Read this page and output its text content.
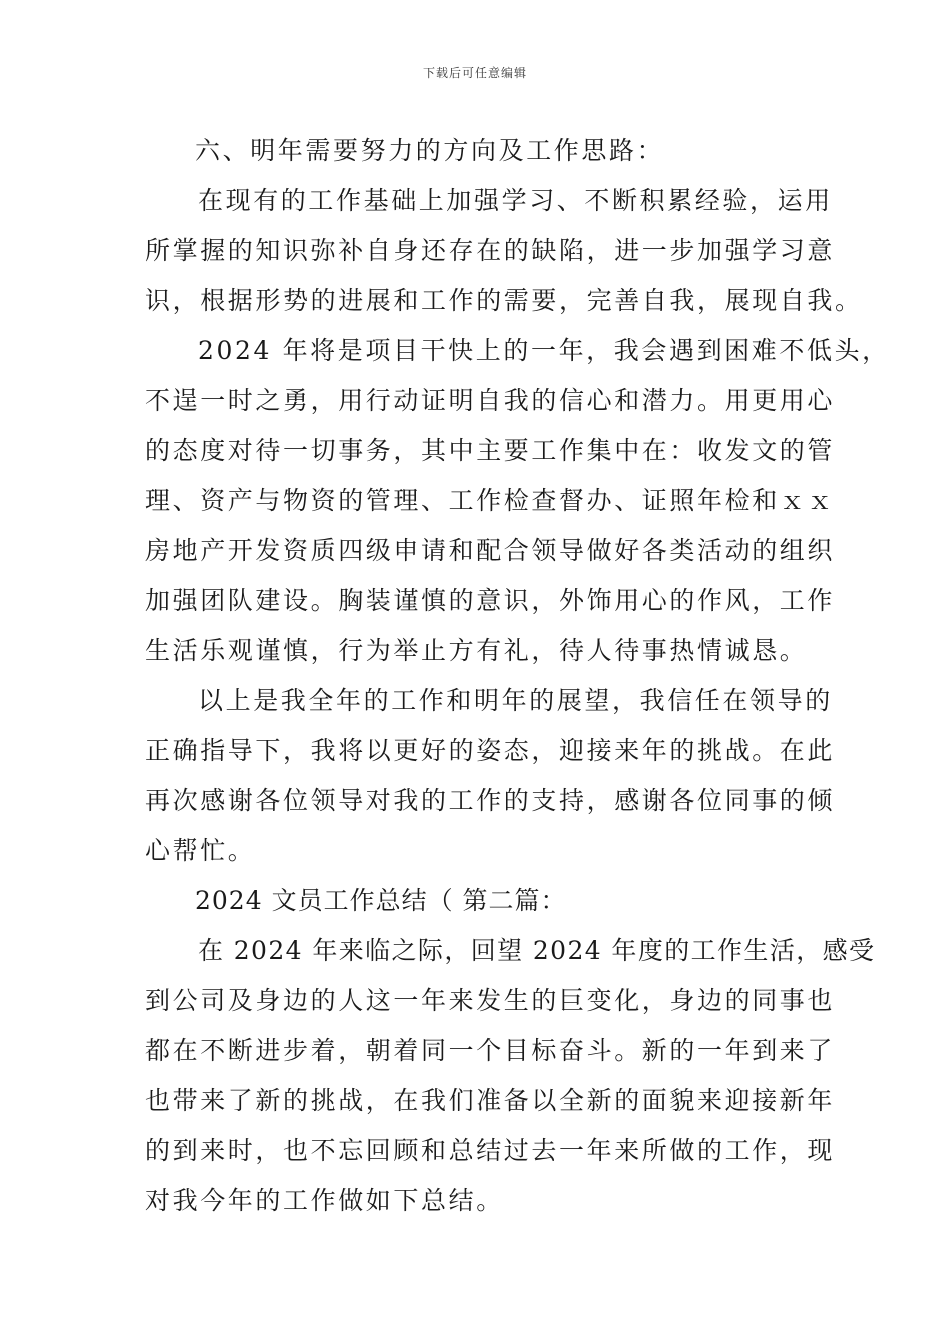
下载后可任意编辑
六、明年需要努力的方向及工作思路：
在现有的工作基础上加强学习、不断积累经验，运用
所掌握的知识弥补自身还存在的缺陷，进一步加强学习意
识，根据形势的进展和工作的需要，完善自我，展现自我。
2024 年将是项目干快上的一年，我会遇到困难不低头，
不逞一时之勇，用行动证明自我的信心和潜力。用更用心
的态度对待一切事务，其中主要工作集中在：收发文的管
理、资产与物资的管理、工作检查督办、证照年检和ｘｘ
房地产开发资质四级申请和配合领导做好各类活动的组织
加强团队建设。胸装谨慎的意识，外饰用心的作风，工作
生活乐观谨慎，行为举止方有礼，待人待事热情诚恳。
以上是我全年的工作和明年的展望，我信任在领导的
正确指导下，我将以更好的姿态，迎接来年的挑战。在此
再次感谢各位领导对我的工作的支持，感谢各位同事的倾
心帮忙。
2024 文员工作总结（ 第二篇：
在 2024 年来临之际，回望 2024 年度的工作生活，感受
到公司及身边的人这一年来发生的巨变化，身边的同事也
都在不断进步着，朝着同一个目标奋斗。新的一年到来了
也带来了新的挑战，在我们准备以全新的面貌来迎接新年
的到来时，也不忘回顾和总结过去一年来所做的工作，现
对我今年的工作做如下总结。
